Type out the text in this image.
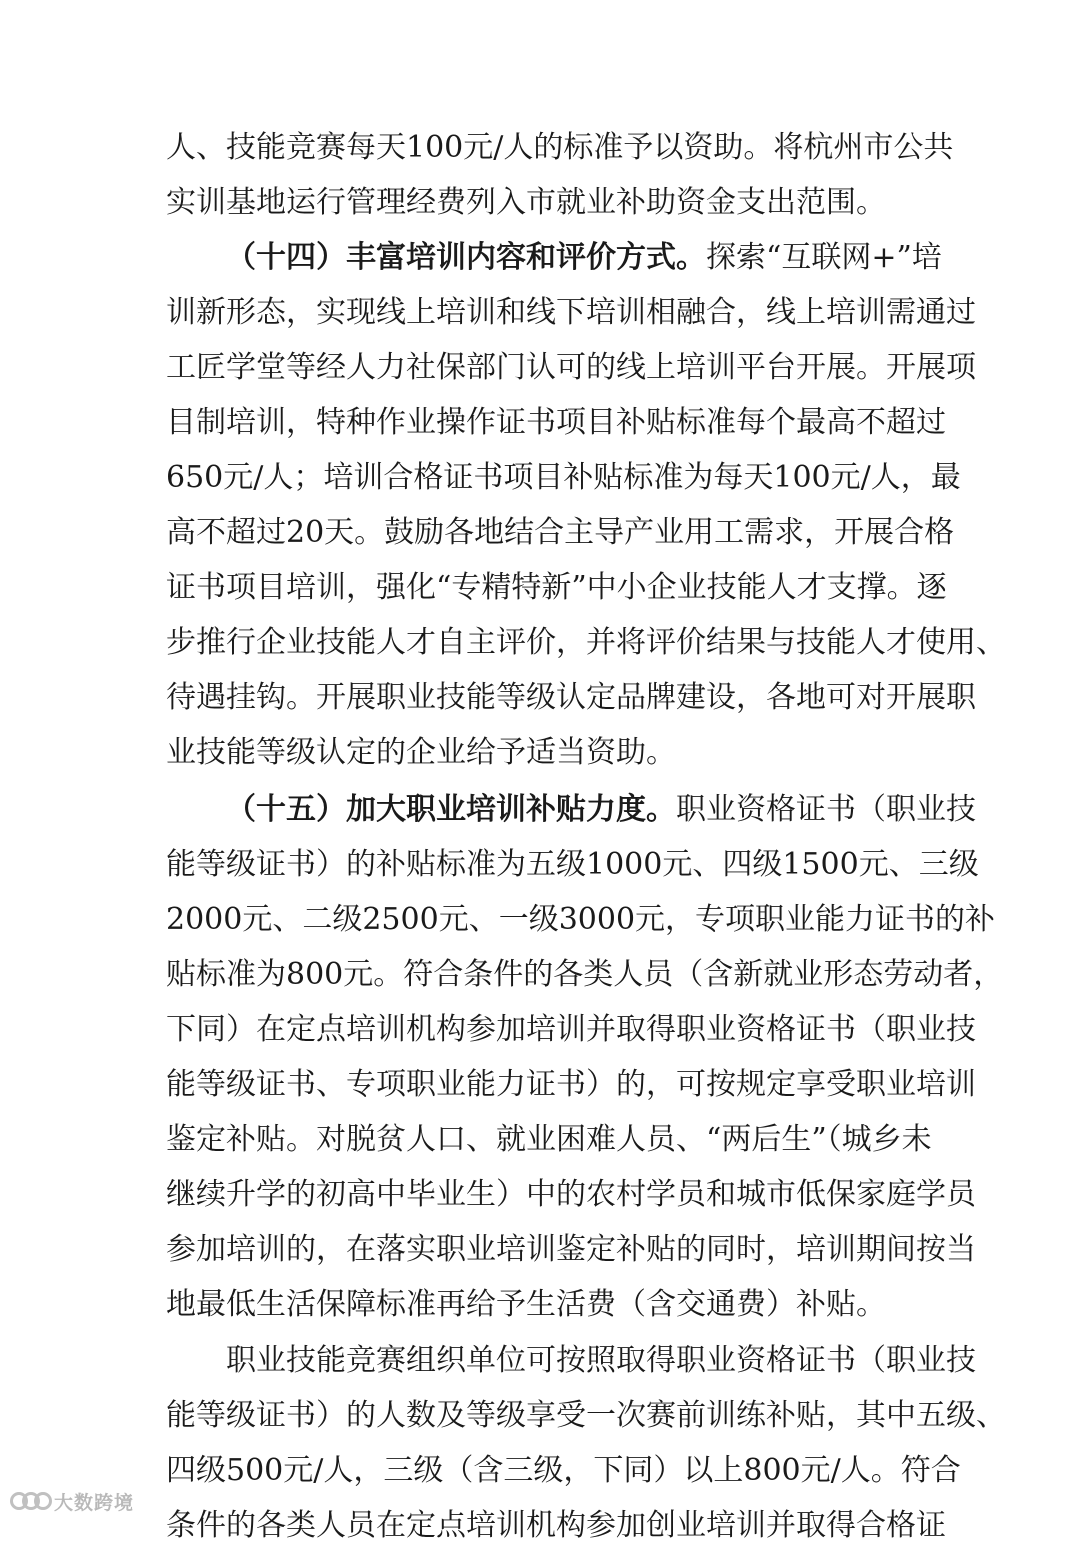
人、技能竞赛每天100元/人的标准予以资助。将杭州市公共
实训基地运行管理经费列入市就业补助资金支出范围。
（十四）丰富培训内容和评价方式。探索“互联网+”培
训新形态，实现线上培训和线下培训相融合，线上培训需通过
工匠学堂等经人力社保部门认可的线上培训平台开展。开展项
目制培训，特种作业操作证书项目补贴标准每个最高不超过
650元/人；培训合格证书项目补贴标准为每天100元/人，最
高不超过20天。鼓励各地结合主导产业用工需求，开展合格
证书项目培训，强化“专精特新”中小企业技能人才支撑。逐
步推行企业技能人才自主评价，并将评价结果与技能人才使用、
待遇挂钩。开展职业技能等级认定品牌建设，各地可对开展职
业技能等级认定的企业给予适当资助。
（十五）加大职业培训补贴力度。职业资格证书（职业技
能等级证书）的补贴标准为五级1000元、四级1500元、三级
2000元、二级2500元、一级3000元，专项职业能力证书的补
贴标准为800元。符合条件的各类人员（含新就业形态劳动者，
下同）在定点培训机构参加培训并取得职业资格证书（职业技
能等级证书、专项职业能力证书）的，可按规定享受职业培训
鉴定补贴。对脱贫人口、就业困难人员、“两后生”（城乡未
继续升学的初高中毕业生）中的农村学员和城市低保家庭学员
参加培训的，在落实职业培训鉴定补贴的同时，培训期间按当
地最低生活保障标准再给予生活费（含交通费）补贴。
职业技能竞赛组织单位可按照取得职业资格证书（职业技
能等级证书）的人数及等级享受一次赛前训练补贴，其中五级、
四级500元/人，三级（含三级，下同）以上800元/人。符合
条件的各类人员在定点培训机构参加创业培训并取得合格证
大数跨境
